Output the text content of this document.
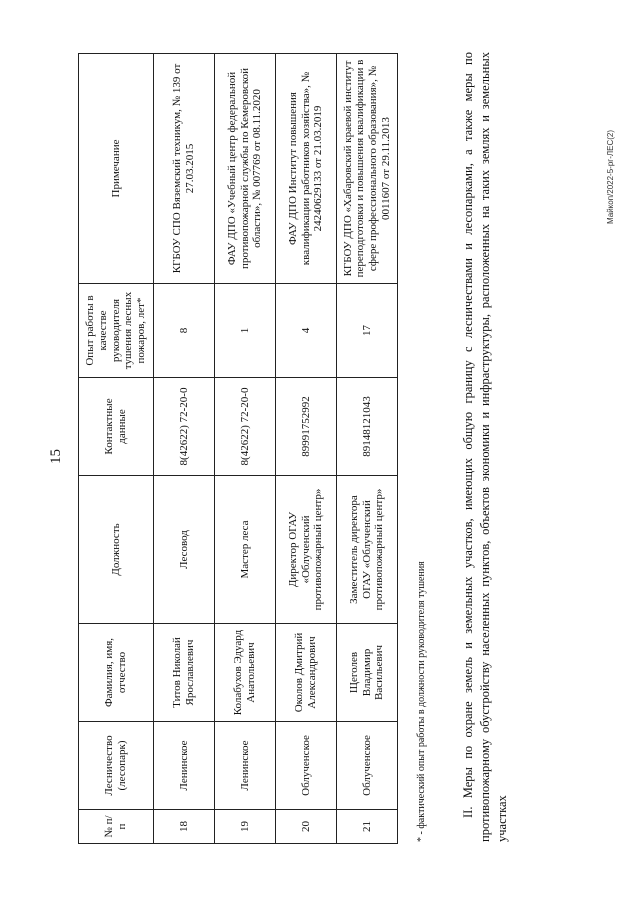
15
№ п/п	Лесничество (лесопарк)	Фамилия, имя, отчество	Должность	Контактные данные	Опыт работы в качестве руководителя тушения лесных пожаров, лет*	Примечание
18	Ленинское	Титов Николай Ярославлевич	Лесовод	8(42622) 72-20-0	8	КГБОУ СПО Вяземский техникум, № 139 от 27.03.2015
19	Ленинское	Колабухов Эдуард Анатольевич	Мастер леса	8(42622) 72-20-0	1	ФАУ ДПО «Учебный центр федеральной противопожарной службы по Кемеровской области», № 007769 от 08.11.2020
20	Облученское	Околов Дмитрий Александрович	Директор ОГАУ «Облученский противопожарный центр»	89991752992	4	ФАУ ДПО Институт повышения квалификации работников хозяйства», № 24240629133 от 21.03.2019
21	Облученское	Щеголев Владимир Васильевич	Заместитель директора ОГАУ «Облученский противопожарный центр»	89148121043	17	КГБОУ ДПО «Хабаровский краевой институт переподготовки и повышения квалификации в сфере профессионального образования», № 0011607 от 29.11.2013
* - фактический опыт работы в должности руководителя тушения	II. Меры по охране земель и земельных участков, имеющих общую границу с лесничествами и лесопарками, а также меры по противопожарному обустройству населенных пунктов, объектов экономики и инфраструктуры, расположенных на таких землях и земельных участках

Майкоп/2022-5-рг-ЛЕС(2)
